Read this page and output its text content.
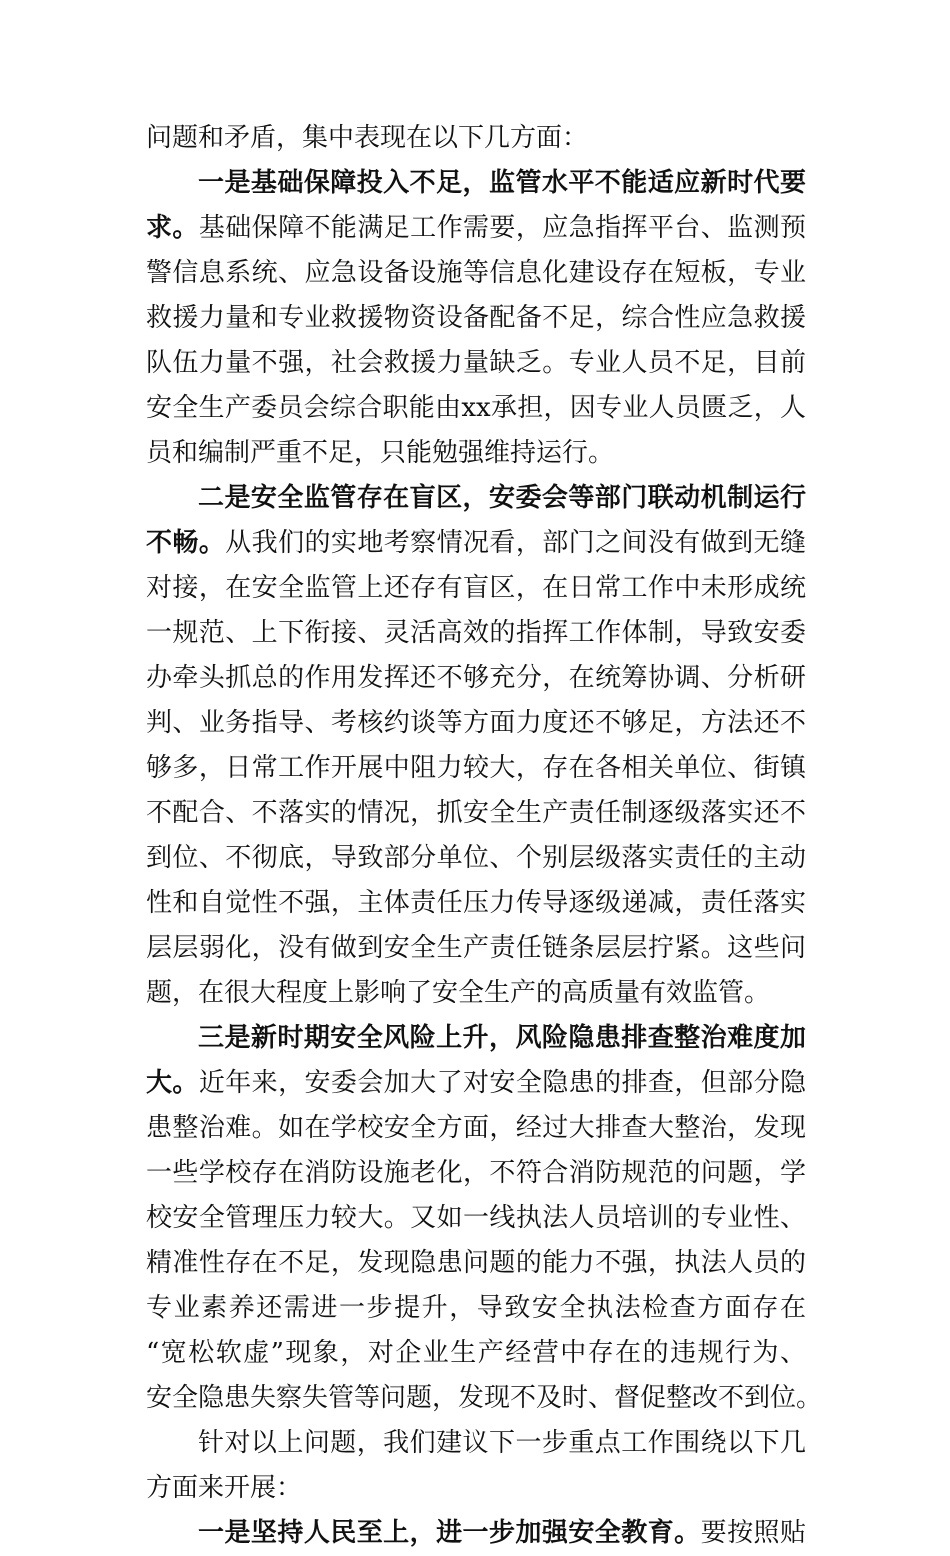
问题和矛盾，集中表现在以下几方面：
一是基础保障投入不足，监管水平不能适应新时代要
求。基础保障不能满足工作需要，应急指挥平台、监测预
警信息系统、应急设备设施等信息化建设存在短板，专业
救援力量和专业救援物资设备配备不足，综合性应急救援
队伍力量不强，社会救援力量缺乏。专业人员不足，目前
安全生产委员会综合职能由xx承担，因专业人员匮乏，人
员和编制严重不足，只能勉强维持运行。
二是安全监管存在盲区，安委会等部门联动机制运行
不畅。从我们的实地考察情况看，部门之间没有做到无缝
对接，在安全监管上还存有盲区，在日常工作中未形成统
一规范、上下衔接、灵活高效的指挥工作体制，导致安委
办牵头抓总的作用发挥还不够充分，在统筹协调、分析研
判、业务指导、考核约谈等方面力度还不够足，方法还不
够多，日常工作开展中阻力较大，存在各相关单位、街镇
不配合、不落实的情况，抓安全生产责任制逐级落实还不
到位、不彻底，导致部分单位、个别层级落实责任的主动
性和自觉性不强，主体责任压力传导逐级递减，责任落实
层层弱化，没有做到安全生产责任链条层层拧紧。这些问
题，在很大程度上影响了安全生产的高质量有效监管。
三是新时期安全风险上升，风险隐患排查整治难度加
大。近年来，安委会加大了对安全隐患的排查，但部分隐
患整治难。如在学校安全方面，经过大排查大整治，发现
一些学校存在消防设施老化，不符合消防规范的问题，学
校安全管理压力较大。又如一线执法人员培训的专业性、
精准性存在不足，发现隐患问题的能力不强，执法人员的
专业素养还需进一步提升，导致安全执法检查方面存在
“宽松软虚”现象，对企业生产经营中存在的违规行为、
安全隐患失察失管等问题，发现不及时、督促整改不到位。
针对以上问题，我们建议下一步重点工作围绕以下几
方面来开展：
一是坚持人民至上，进一步加强安全教育。要按照贴
